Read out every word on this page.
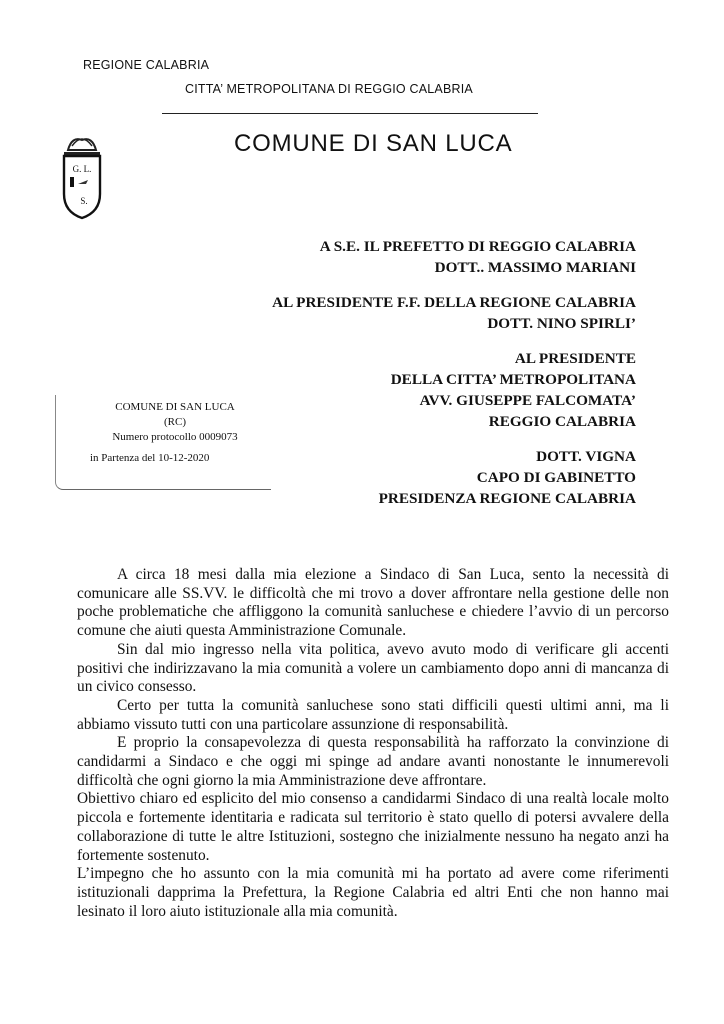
REGIONE CALABRIA
CITTA’ METROPOLITANA DI REGGIO CALABRIA
COMUNE DI SAN LUCA
G. L.
S.
A S.E. IL PREFETTO DI REGGIO CALABRIA
DOTT.. MASSIMO MARIANI
AL PRESIDENTE F.F. DELLA REGIONE CALABRIA
DOTT. NINO SPIRLI’
AL PRESIDENTE
DELLA CITTA’ METROPOLITANA
AVV. GIUSEPPE FALCOMATA’
REGGIO CALABRIA
DOTT. VIGNA
CAPO DI GABINETTO
PRESIDENZA REGIONE CALABRIA
COMUNE DI SAN LUCA
(RC)
Numero protocollo 0009073
in Partenza del 10-12-2020

A circa 18 mesi dalla mia elezione a Sindaco di San Luca, sento la necessità di comunicare alle SS.VV. le difficoltà che mi trovo a dover affrontare nella gestione delle non poche problematiche che affliggono la comunità sanluchese e chiedere l’avvio di un percorso comune che aiuti questa Amministrazione Comunale.

Sin dal mio ingresso nella vita politica, avevo avuto modo di verificare gli accenti positivi che indirizzavano la mia comunità a volere un cambiamento dopo anni di mancanza di un civico consesso.

Certo per tutta la comunità sanluchese sono stati difficili questi ultimi anni, ma li abbiamo vissuto tutti con una particolare assunzione di responsabilità.

E proprio la consapevolezza di questa responsabilità ha rafforzato la convinzione di candidarmi a Sindaco e che oggi mi spinge ad andare avanti nonostante le innumerevoli difficoltà che ogni giorno la mia Amministrazione deve affrontare.

Obiettivo chiaro ed esplicito del mio consenso a candidarmi Sindaco di una realtà locale molto piccola e fortemente identitaria e radicata sul territorio è stato quello di potersi avvalere della collaborazione di tutte le altre Istituzioni, sostegno che inizialmente nessuno ha negato anzi ha fortemente sostenuto.

L’impegno che ho assunto con la mia comunità mi ha portato ad avere come riferimenti istituzionali dapprima la Prefettura, la Regione Calabria ed altri Enti che non hanno mai lesinato il loro aiuto istituzionale alla mia comunità.
